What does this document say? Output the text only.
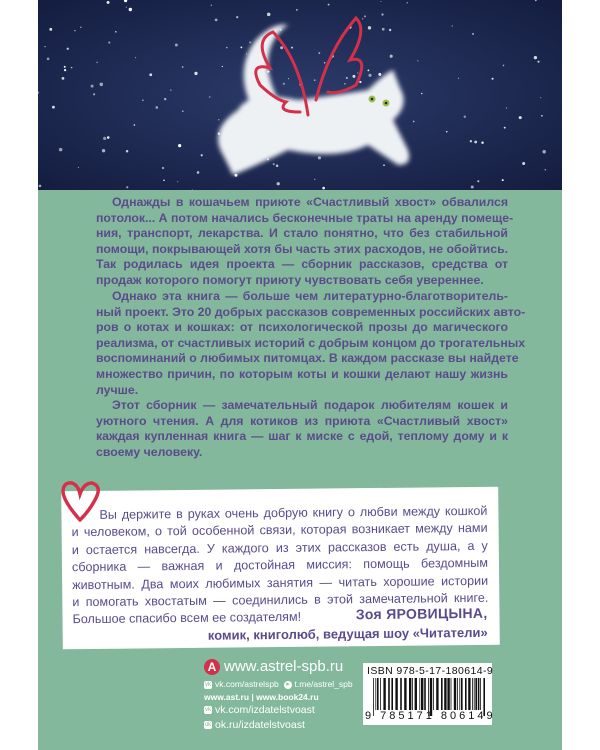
Однажды в кошачьем приюте «Счастливый хвост» обвалился
потолок... А потом начались бесконечные траты на аренду помеще-
ния, транспорт, лекарства. И стало понятно, что без стабильной
помощи, покрывающей хотя бы часть этих расходов, не обойтись.
Так родилась идея проекта — сборник рассказов, средства от
продаж которого помогут приюту чувствовать себя увереннее.
Однако эта книга — больше чем литературно-благотворитель-
ный проект. Это 20 добрых рассказов современных российских авто-
ров о котах и кошках: от психологической прозы до магического
реализма, от счастливых историй с добрым концом до трогательных
воспоминаний о любимых питомцах. В каждом рассказе вы найдете
множество причин, по которым коты и кошки делают нашу жизнь
лучше.
Этот сборник — замечательный подарок любителям кошек и
уютного чтения. А для котиков из приюта «Счастливый хвост»
каждая купленная книга — шаг к миске с едой, теплому дому и к
своему человеку.
Вы держите в руках очень добрую книгу о любви между кошкой
и человеком, о той особенной связи, которая возникает между нами
и остается навсегда. У каждого из этих рассказов есть душа, а у
сборника — важная и достойная миссия: помощь бездомным
животным. Два моих любимых занятия — читать хорошие истории
и помогать хвостатым — соединились в этой замечательной книге.
Большое спасибо всем ее создателям!	Зоя ЯРОВИЦЫНА,
комик, книголюб, ведущая шоу «Читатели»
А www.astrel-spb.ru
vk vk.com/astrelspb ➤ t.me/astrel_spb
www.ast.ru | www.book24.ru
vk vk.com/izdatelstvoast
ok ok.ru/izdatelstvoast
ISBN 978-5-17-180614-9
9 785171 806149
